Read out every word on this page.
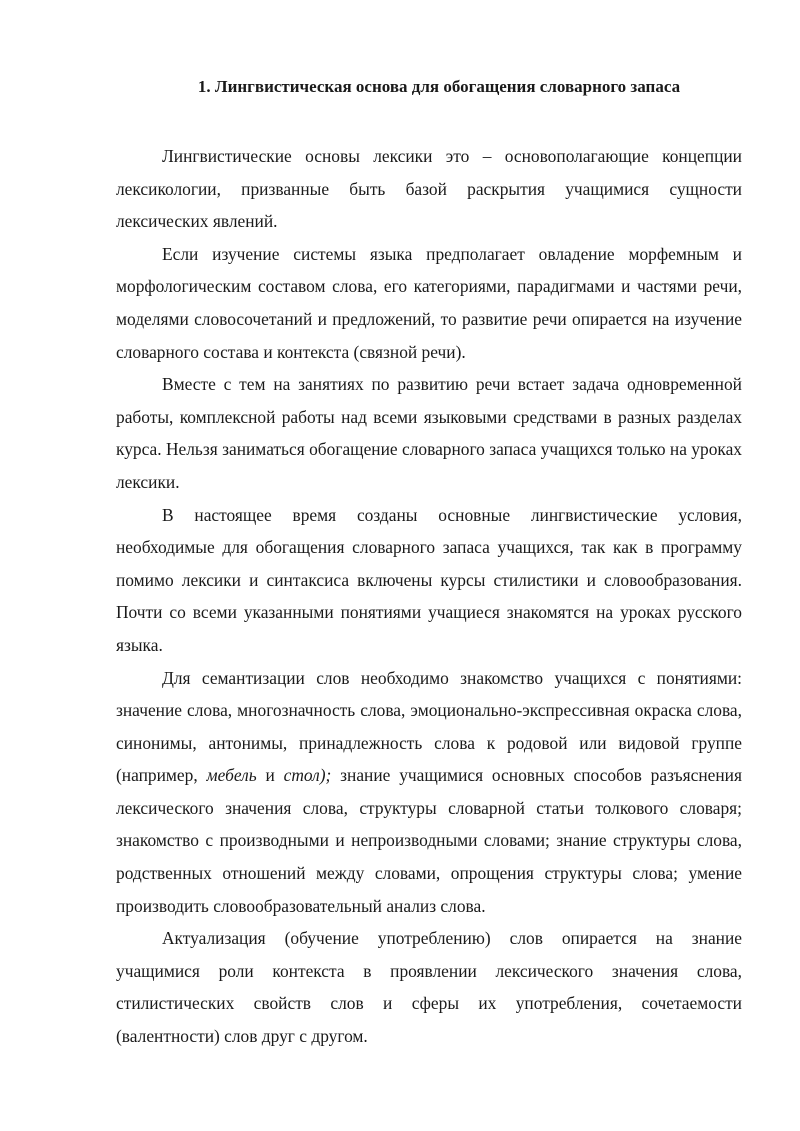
1. Лингвистическая основа для обогащения словарного запаса

Лингвистические основы лексики это – основополагающие концепции лексикологии, призванные быть базой раскрытия учащимися сущности лексических явлений.

Если изучение системы языка предполагает овладение морфемным и морфологическим составом слова, его категориями, парадигмами и частями речи, моделями словосочетаний и предложений, то развитие речи опирается на изучение словарного состава и контекста (связной речи).

Вместе с тем на занятиях по развитию речи встает задача одновременной работы, комплексной работы над всеми языковыми средствами в разных разделах курса. Нельзя заниматься обогащение словарного запаса учащихся только на уроках лексики.

В настоящее время созданы основные лингвистические условия, необходимые для обогащения словарного запаса учащихся, так как в программу помимо лексики и синтаксиса включены курсы стилистики и словообразования. Почти со всеми указанными понятиями учащиеся знакомятся на уроках русского языка.

Для семантизации слов необходимо знакомство учащихся с понятиями: значение слова, многозначность слова, эмоционально-экспрессивная окраска слова, синонимы, антонимы, принадлежность слова к родовой или видовой группе (например, мебель и стол); знание учащимися основных способов разъяснения лексического значения слова, структуры словарной статьи толкового словаря; знакомство с производными и непроизводными словами; знание структуры слова, родственных отношений между словами, опрощения структуры слова; умение производить словообразовательный анализ слова.

Актуализация (обучение употреблению) слов опирается на знание учащимися роли контекста в проявлении лексического значения слова, стилистических свойств слов и сферы их употребления, сочетаемости (валентности) слов друг с другом.
